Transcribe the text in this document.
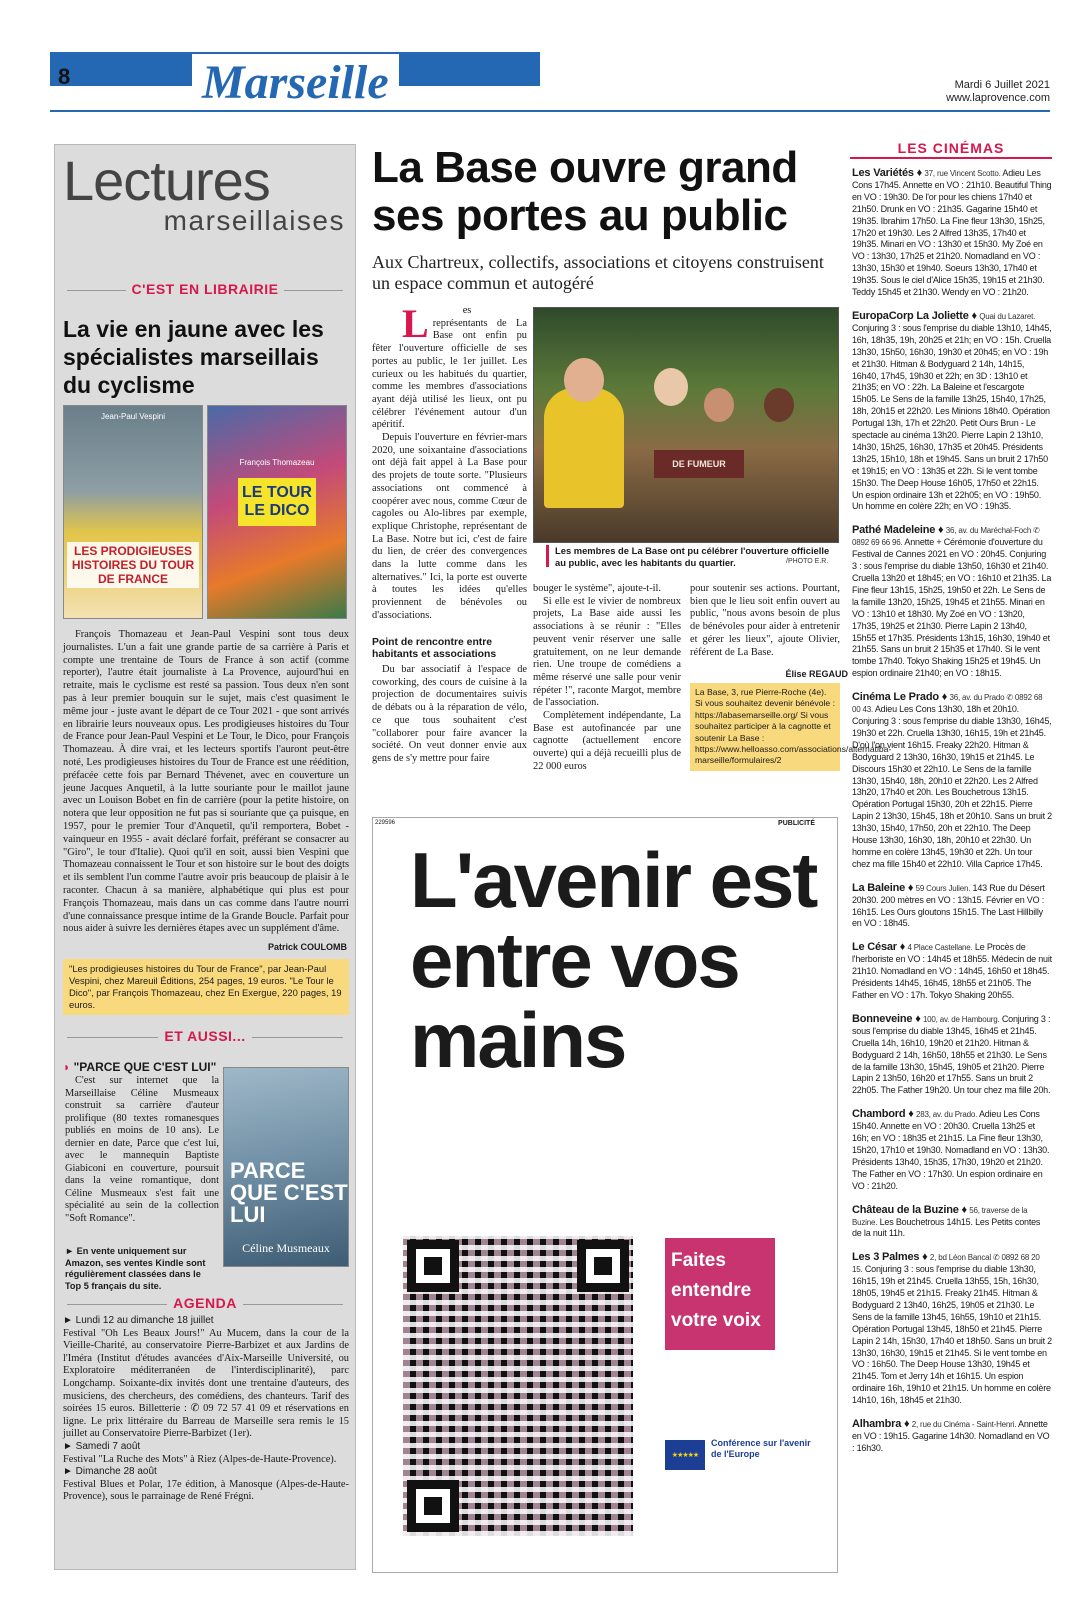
8	Marseille	Mardi 6 Juillet 2021
www.laprovence.com
Lectures
marseillaises
C'EST EN LIBRAIRIE
La vie en jaune avec les spécialistes marseillais du cyclisme
Jean-Paul Vespini
LES PRODIGIEUSES HISTOIRES DU TOUR DE FRANCE
François Thomazeau
LE TOUR LE DICO
François Thomazeau et Jean-Paul Vespini sont tous deux journalistes. L'un a fait une grande partie de sa carrière à Paris et compte une trentaine de Tours de France à son actif (comme reporter), l'autre était journaliste à La Provence, aujourd'hui en retraite, mais le cyclisme est resté sa passion. Tous deux n'en sont pas à leur premier bouquin sur le sujet, mais c'est quasiment le même jour - juste avant le départ de ce Tour 2021 - que sont arrivés en librairie leurs nouveaux opus. Les prodigieuses histoires du Tour de France pour Jean-Paul Vespini et Le Tour, le Dico, pour François Thomazeau. À dire vrai, et les lecteurs sportifs l'auront peut-être noté, Les prodigieuses histoires du Tour de France est une réédition, préfacée cette fois par Bernard Thévenet, avec en couverture un jeune Jacques Anquetil, à la lutte souriante pour le maillot jaune avec un Louison Bobet en fin de carrière (pour la petite histoire, on notera que leur opposition ne fut pas si souriante que ça puisque, en 1957, pour le premier Tour d'Anquetil, qu'il remportera, Bobet - vainqueur en 1955 - avait déclaré forfait, préférant se consacrer au "Giro", le tour d'Italie). Quoi qu'il en soit, aussi bien Vespini que Thomazeau connaissent le Tour et son histoire sur le bout des doigts et ils semblent l'un comme l'autre avoir pris beaucoup de plaisir à le raconter. Chacun à sa manière, alphabétique qui plus est pour François Thomazeau, mais dans un cas comme dans l'autre nourri d'une connaissance presque intime de la Grande Boucle. Parfait pour nous aider à suivre les dernières étapes avec un supplément d'âme.
Patrick COULOMB
"Les prodigieuses histoires du Tour de France", par Jean-Paul Vespini, chez Mareuil Éditions, 254 pages, 19 euros. "Le Tour le Dico", par François Thomazeau, chez En Exergue, 220 pages, 19 euros.
ET AUSSI...
◗ "PARCE QUE C'EST LUI"
C'est sur internet que la Marseillaise Céline Musmeaux construit sa carrière d'auteur prolifique (80 textes romanesques publiés en moins de 10 ans). Le dernier en date, Parce que c'est lui, avec le mannequin Baptiste Giabiconi en couverture, poursuit dans la veine romantique, dont Céline Musmeaux s'est fait une spécialité au sein de la collection "Soft Romance".
► En vente uniquement sur Amazon, ses ventes Kindle sont régulièrement classées dans le Top 5 français du site.
PARCE QUE C'EST LUI
Céline Musmeaux
AGENDA

► Lundi 12 au dimanche 18 juillet
Festival "Oh Les Beaux Jours!" Au Mucem, dans la cour de la Vieille-Charité, au conservatoire Pierre-Barbizet et aux Jardins de l'Iméra (Institut d'études avancées d'Aix-Marseille Université, ou Exploratoire méditerranéen de l'interdisciplinarité), parc Longchamp. Soixante-dix invités dont une trentaine d'auteurs, des musiciens, des chercheurs, des comédiens, des chanteurs. Tarif des soirées 15 euros. Billetterie : ✆ 09 72 57 41 09 et réservations en ligne. Le prix littéraire du Barreau de Marseille sera remis le 15 juillet au Conservatoire Pierre-Barbizet (1er).

► Samedi 7 août
Festival "La Ruche des Mots" à Riez (Alpes-de-Haute-Provence).

► Dimanche 28 août
Festival Blues et Polar, 17e édition, à Manosque (Alpes-de-Haute-Provence), sous le parrainage de René Frégni.

La Base ouvre grand ses portes au public
Aux Chartreux, collectifs, associations et citoyens construisent un espace commun et autogéré

L	es représentants de La Base ont enfin pu fêter l'ouverture officielle de ses portes au public, le 1er juillet. Les curieux ou les habitués du quartier, comme les membres d'associations ayant déjà utilisé les lieux, ont pu célébrer l'événement autour d'un apéritif.

Depuis l'ouverture en février-mars 2020, une soixantaine d'associations ont déjà fait appel à La Base pour des projets de toute sorte. "Plusieurs associations ont commencé à coopérer avec nous, comme Cœur de cagoles ou Alo-libres par exemple, explique Christophe, représentant de La Base. Notre but ici, c'est de faire du lien, de créer des convergences dans la lutte comme dans les alternatives." Ici, la porte est ouverte à toutes les idées qu'elles proviennent de bénévoles ou d'associations.

DE FUMEUR
Les membres de La Base ont pu célébrer l'ouverture officielle au public, avec les habitants du quartier.	/PHOTO E.R.
Point de rencontre entre habitants et associations
Du bar associatif à l'espace de coworking, des cours de cuisine à la projection de documentaires suivis de débats ou à la réparation de vélo, ce que tous souhaitent c'est "collaborer pour faire avancer la société. On veut donner envie aux gens de s'y mettre pour faire

bouger le système", ajoute-t-il.

Si elle est le vivier de nombreux projets, La Base aide aussi les associations à se réunir : "Elles peuvent venir réserver une salle gratuitement, on ne leur demande rien. Une troupe de comédiens a même réservé une salle pour venir répéter !", raconte Margot, membre de l'association.

Complètement indépendante, La Base est autofinancée par une cagnotte (actuellement encore ouverte) qui a déjà recueilli plus de 22 000 euros

pour soutenir ses actions. Pourtant, bien que le lieu soit enfin ouvert au public, "nous avons besoin de plus de bénévoles pour aider à entretenir et gérer les lieux", ajoute Olivier, référent de La Base.

Élise REGAUD
La Base, 3, rue Pierre-Roche (4e). Si vous souhaitez devenir bénévole : https://labasemarseille.org/ Si vous souhaitez participer à la cagnotte et soutenir La Base : https://www.helloasso.com/associations/alternatiba-marseille/formulaires/2
229596	PUBLICITÉ
L'avenir est entre vos mains
Faites entendre votre voix
★★★★★
Conférence sur l'avenir de l'Europe
LES CINÉMAS
Les Variétés ♦ 37, rue Vincent Scotto. Adieu Les Cons 17h45. Annette en VO : 21h10. Beautiful Thing en VO : 19h30. De l'or pour les chiens 17h40 et 21h50. Drunk en VO : 21h35. Gagarine 15h40 et 19h35. Ibrahim 17h50. La Fine fleur 13h30, 15h25, 17h20 et 19h30. Les 2 Alfred 13h35, 17h40 et 19h35. Minari en VO : 13h30 et 15h30. My Zoé en VO : 13h30, 17h25 et 21h20. Nomadland en VO : 13h30, 15h30 et 19h40. Soeurs 13h30, 17h40 et 19h35. Sous le ciel d'Alice 15h35, 19h15 et 21h30. Teddy 15h45 et 21h30. Wendy en VO : 21h20.
EuropaCorp La Joliette ♦ Quai du Lazaret. Conjuring 3 : sous l'emprise du diable 13h10, 14h45, 16h, 18h35, 19h, 20h25 et 21h; en VO : 15h. Cruella 13h30, 15h50, 16h30, 19h30 et 20h45; en VO : 19h et 21h30. Hitman & Bodyguard 2 14h, 14h15, 16h40, 17h45, 19h30 et 22h; en 3D : 13h10 et 21h35; en VO : 22h. La Baleine et l'escargote 15h05. Le Sens de la famille 13h25, 15h40, 17h25, 18h, 20h15 et 22h20. Les Minions 18h40. Opération Portugal 13h, 17h et 22h20. Petit Ours Brun - Le spectacle au cinéma 13h20. Pierre Lapin 2 13h10, 14h30, 15h25, 16h30, 17h35 et 20h45. Présidents 13h25, 15h10, 18h et 19h45. Sans un bruit 2 17h50 et 19h15; en VO : 13h35 et 22h. Si le vent tombe 15h30. The Deep House 16h05, 17h50 et 22h15. Un espion ordinaire 13h et 22h05; en VO : 19h50. Un homme en colère 22h; en VO : 19h35.
Pathé Madeleine ♦ 36, av. du Maréchal-Foch ✆ 0892 69 66 96. Annette + Cérémonie d'ouverture du Festival de Cannes 2021 en VO : 20h45. Conjuring 3 : sous l'emprise du diable 13h50, 16h30 et 21h40. Cruella 13h20 et 18h45; en VO : 16h10 et 21h35. La Fine fleur 13h15, 15h25, 19h50 et 22h. Le Sens de la famille 13h20, 15h25, 19h45 et 21h55. Minari en VO : 13h10 et 18h30. My Zoé en VO : 13h20, 17h35, 19h25 et 21h30. Pierre Lapin 2 13h40, 15h55 et 17h35. Présidents 13h15, 16h30, 19h40 et 21h55. Sans un bruit 2 15h35 et 17h40. Si le vent tombe 17h40. Tokyo Shaking 15h25 et 19h45. Un espion ordinaire 21h40; en VO : 18h15.
Cinéma Le Prado ♦ 36, av. du Prado ✆ 0892 68 00 43. Adieu Les Cons 13h30, 18h et 20h10. Conjuring 3 : sous l'emprise du diable 13h30, 16h45, 19h30 et 22h. Cruella 13h30, 16h15, 19h et 21h45. D'où l'on vient 16h15. Freaky 22h20. Hitman & Bodyguard 2 13h30, 16h30, 19h15 et 21h45. Le Discours 15h30 et 22h10. Le Sens de la famille 13h30, 15h40, 18h, 20h10 et 22h20. Les 2 Alfred 13h20, 17h40 et 20h. Les Bouchetrous 13h15. Opération Portugal 15h30, 20h et 22h15. Pierre Lapin 2 13h30, 15h45, 18h et 20h10. Sans un bruit 2 13h30, 15h40, 17h50, 20h et 22h10. The Deep House 13h30, 16h30, 18h, 20h10 et 22h30. Un homme en colère 13h45, 19h30 et 22h. Un tour chez ma fille 15h40 et 22h10. Villa Caprice 17h45.
La Baleine ♦ 59 Cours Julien. 143 Rue du Désert 20h30. 200 mètres en VO : 13h15. Février en VO : 16h15. Les Ours gloutons 15h15. The Last Hillbilly en VO : 18h45.
Le César ♦ 4 Place Castellane. Le Procès de l'herboriste en VO : 14h45 et 18h55. Médecin de nuit 21h10. Nomadland en VO : 14h45, 16h50 et 18h45. Présidents 14h45, 16h45, 18h55 et 21h05. The Father en VO : 17h. Tokyo Shaking 20h55.
Bonneveine ♦ 100, av. de Hambourg. Conjuring 3 : sous l'emprise du diable 13h45, 16h45 et 21h45. Cruella 14h, 16h10, 19h20 et 21h20. Hitman & Bodyguard 2 14h, 16h50, 18h55 et 21h30. Le Sens de la famille 13h30, 15h45, 19h05 et 21h20. Pierre Lapin 2 13h50, 16h20 et 17h55. Sans un bruit 2 22h05. The Father 19h20. Un tour chez ma fille 20h.
Chambord ♦ 283, av. du Prado. Adieu Les Cons 15h40. Annette en VO : 20h30. Cruella 13h25 et 16h; en VO : 18h35 et 21h15. La Fine fleur 13h30, 15h20, 17h10 et 19h30. Nomadland en VO : 13h30. Présidents 13h40, 15h35, 17h30, 19h20 et 21h20. The Father en VO : 17h30. Un espion ordinaire en VO : 21h20.
Château de la Buzine ♦ 56, traverse de la Buzine. Les Bouchetrous 14h15. Les Petits contes de la nuit 11h.
Les 3 Palmes ♦ 2, bd Léon Bancal ✆ 0892 68 20 15. Conjuring 3 : sous l'emprise du diable 13h30, 16h15, 19h et 21h45. Cruella 13h55, 15h, 16h30, 18h05, 19h45 et 21h15. Freaky 21h45. Hitman & Bodyguard 2 13h40, 16h25, 19h05 et 21h30. Le Sens de la famille 13h45, 16h55, 19h10 et 21h15. Opération Portugal 13h45, 18h50 et 21h45. Pierre Lapin 2 14h, 15h30, 17h40 et 18h50. Sans un bruit 2 13h30, 16h30, 19h15 et 21h45. Si le vent tombe en VO : 16h50. The Deep House 13h30, 19h45 et 21h45. Tom et Jerry 14h et 16h15. Un espion ordinaire 16h, 19h10 et 21h15. Un homme en colère 14h10, 16h, 18h45 et 21h30.
Alhambra ♦ 2, rue du Cinéma - Saint-Henri. Annette en VO : 19h15. Gagarine 14h30. Nomadland en VO : 16h30.
